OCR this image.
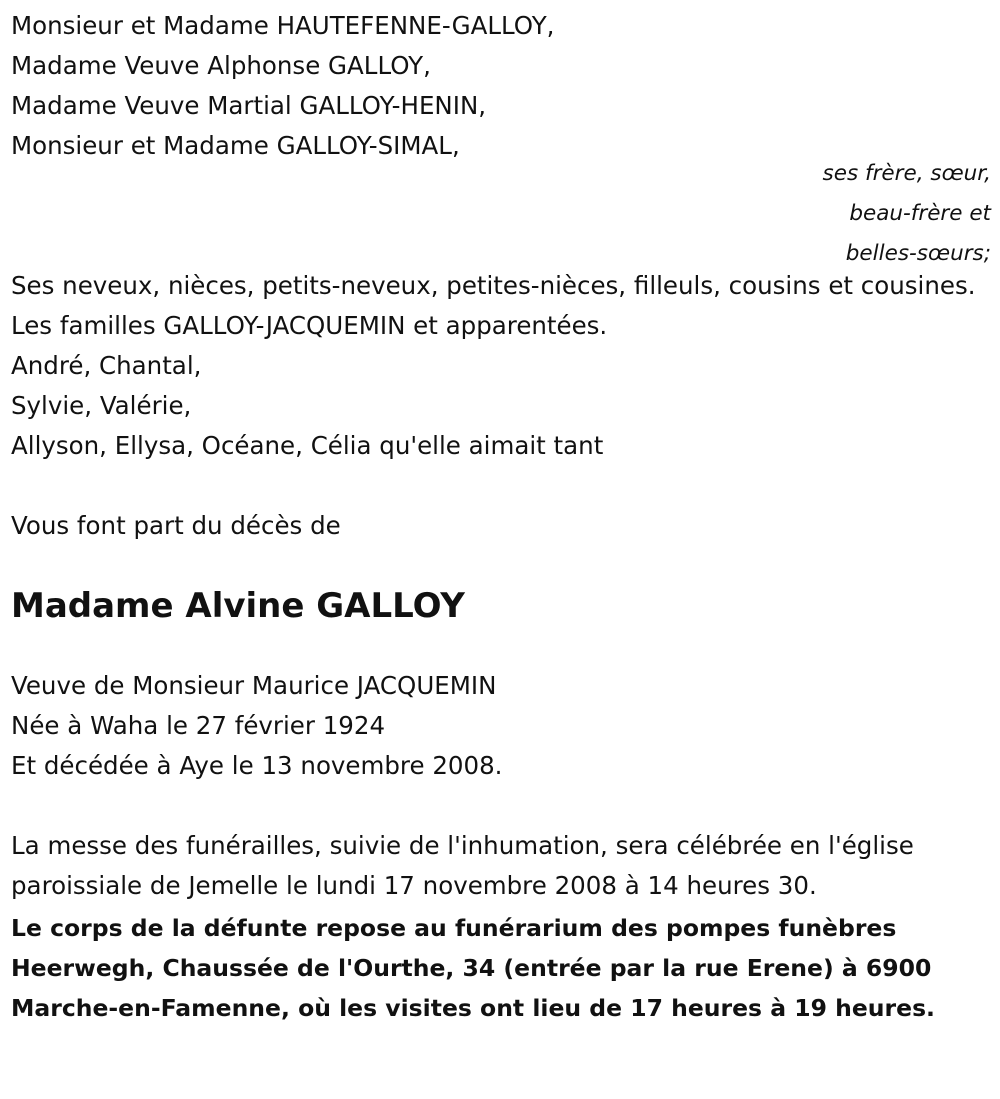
Monsieur et Madame HAUTEFENNE-GALLOY,

Madame Veuve Alphonse GALLOY,

Madame Veuve Martial GALLOY-HENIN,

Monsieur et Madame GALLOY-SIMAL,

ses frère, sœur,

beau-frère et

belles-sœurs;

Ses neveux, nièces, petits-neveux, petites-nièces, filleuls, cousins et cousines.

Les familles GALLOY-JACQUEMIN et apparentées.

André, Chantal,

Sylvie, Valérie,

Allyson, Ellysa, Océane, Célia qu'elle aimait tant

Vous font part du décès de

Madame Alvine GALLOY

Veuve de Monsieur Maurice JACQUEMIN

Née à Waha le 27 février 1924

Et décédée à Aye le 13 novembre 2008.

La messe des funérailles, suivie de l'inhumation, sera célébrée en l'église paroissiale de Jemelle le lundi 17 novembre 2008 à 14 heures 30.

Le corps de la défunte repose au funérarium des pompes funèbres Heerwegh, Chaussée de l'Ourthe, 34 (entrée par la rue Erene) à 6900 Marche-en-Famenne, où les visites ont lieu de 17 heures à 19 heures.
